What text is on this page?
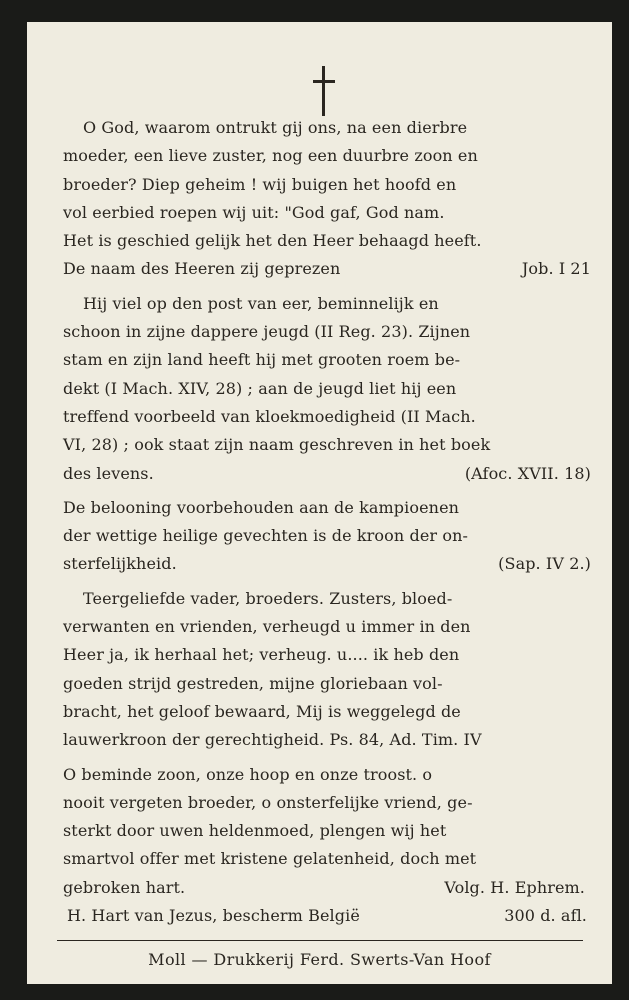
O God, waarom ontrukt gij ons, na een dierbre
moeder, een lieve zuster, nog een duurbre zoon en
broeder? Diep geheim ! wij buigen het hoofd en
vol eerbied roepen wij uit: "God gaf, God nam.
Het is geschied gelijk het den Heer behaagd heeft.
De naam des Heeren zij geprezen	Job. I 21
Hij viel op den post van eer, beminnelijk en
schoon in zijne dappere jeugd (II Reg. 23). Zijnen
stam en zijn land heeft hij met grooten roem be-
dekt (I Mach. XIV, 28) ; aan de jeugd liet hij een
treffend voorbeeld van kloekmoedigheid (II Mach.
VI, 28) ; ook staat zijn naam geschreven in het boek
des levens.	(Afoc. XVII. 18)
De belooning voorbehouden aan de kampioenen
der wettige heilige gevechten is de kroon der on-
sterfelijkheid.	(Sap. IV 2.)
Teergeliefde vader, broeders. Zusters, bloed-
verwanten en vrienden, verheugd u immer in den
Heer ja, ik herhaal het; verheug. u.... ik heb den
goeden strijd gestreden, mijne gloriebaan vol-
bracht, het geloof bewaard, Mij is weggelegd de
lauwerkroon der gerechtigheid. Ps. 84, Ad. Tim. IV
O beminde zoon, onze hoop en onze troost. o
nooit vergeten broeder, o onsterfelijke vriend, ge-
sterkt door uwen heldenmoed, plengen wij het
smartvol offer met kristene gelatenheid, doch met
gebroken hart.	Volg. H. Ephrem.
H. Hart van Jezus, bescherm België	300 d. afl.
Moll — Drukkerij Ferd. Swerts-Van Hoof
